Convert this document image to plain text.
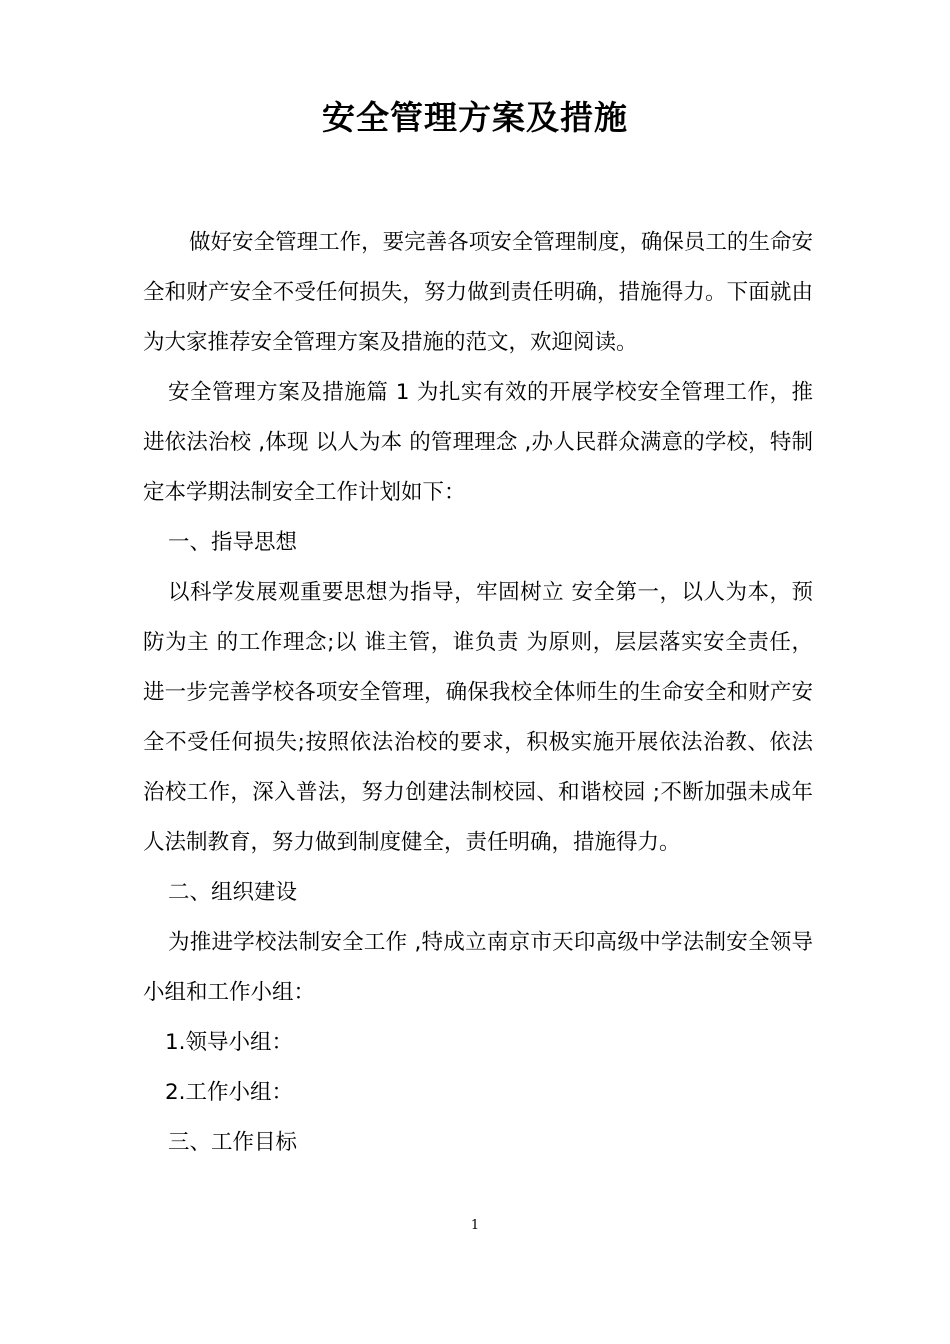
安全管理方案及措施

做好安全管理工作，要完善各项安全管理制度，确保员工的生命安全和财产安全不受任何损失，努力做到责任明确，措施得力。下面就由 为大家推荐安全管理方案及措施的范文，欢迎阅读。

安全管理方案及措施篇 1 为扎实有效的开展学校安全管理工作，推进依法治校 ,体现 以人为本 的管理理念 ,办人民群众满意的学校，特制定本学期法制安全工作计划如下：

一、指导思想

以科学发展观重要思想为指导，牢固树立 安全第一，以人为本，预防为主 的工作理念;以 谁主管，谁负责 为原则，层层落实安全责任，进一步完善学校各项安全管理，确保我校全体师生的生命安全和财产安全不受任何损失;按照依法治校的要求，积极实施开展依法治教、依法治校工作，深入普法，努力创建法制校园、和谐校园 ;不断加强未成年人法制教育，努力做到制度健全，责任明确，措施得力。

二、组织建设

为推进学校法制安全工作 ,特成立南京市天印高级中学法制安全领导小组和工作小组：

1.领导小组：

2.工作小组：

三、工作目标

1
